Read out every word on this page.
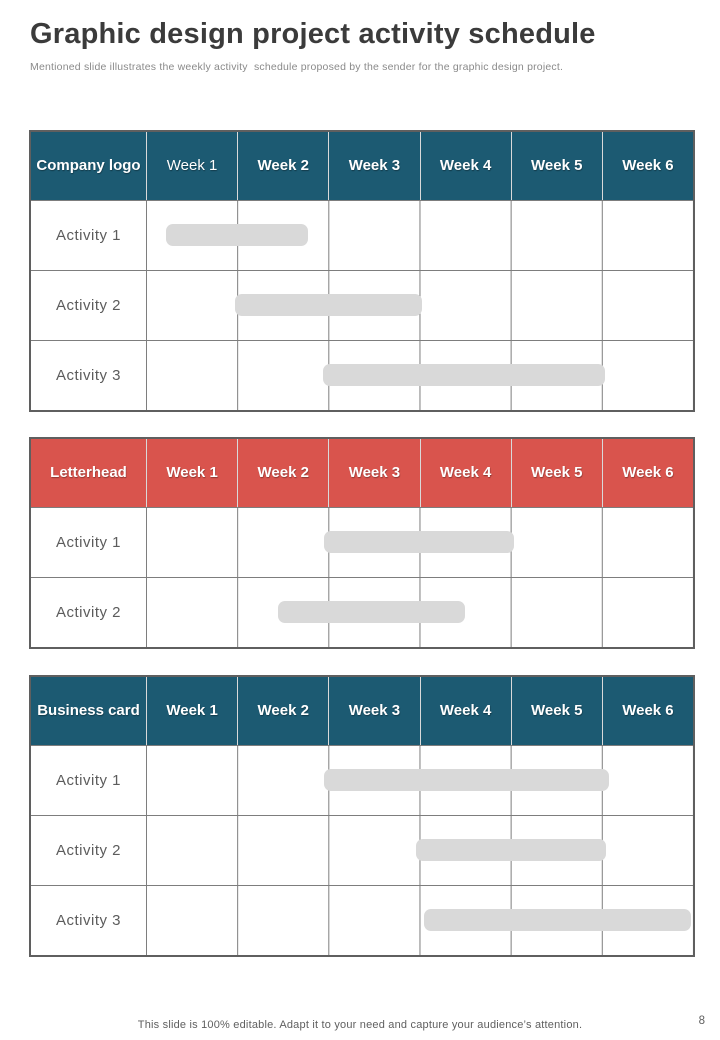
Graphic design project activity schedule

Mentioned slide illustrates the weekly activity  schedule proposed by the sender for the graphic design project.

Company logo	Week 1	Week 2	Week 3	Week 4	Week 5	Week 6
Activity 1
Activity 2
Activity 3
Letterhead	Week 1	Week 2	Week 3	Week 4	Week 5	Week 6
Activity 1
Activity 2
Business card	Week 1	Week 2	Week 3	Week 4	Week 5	Week 6
Activity 1
Activity 2
Activity 3
This slide is 100% editable. Adapt it to your need and capture your audience’s attention.	8
